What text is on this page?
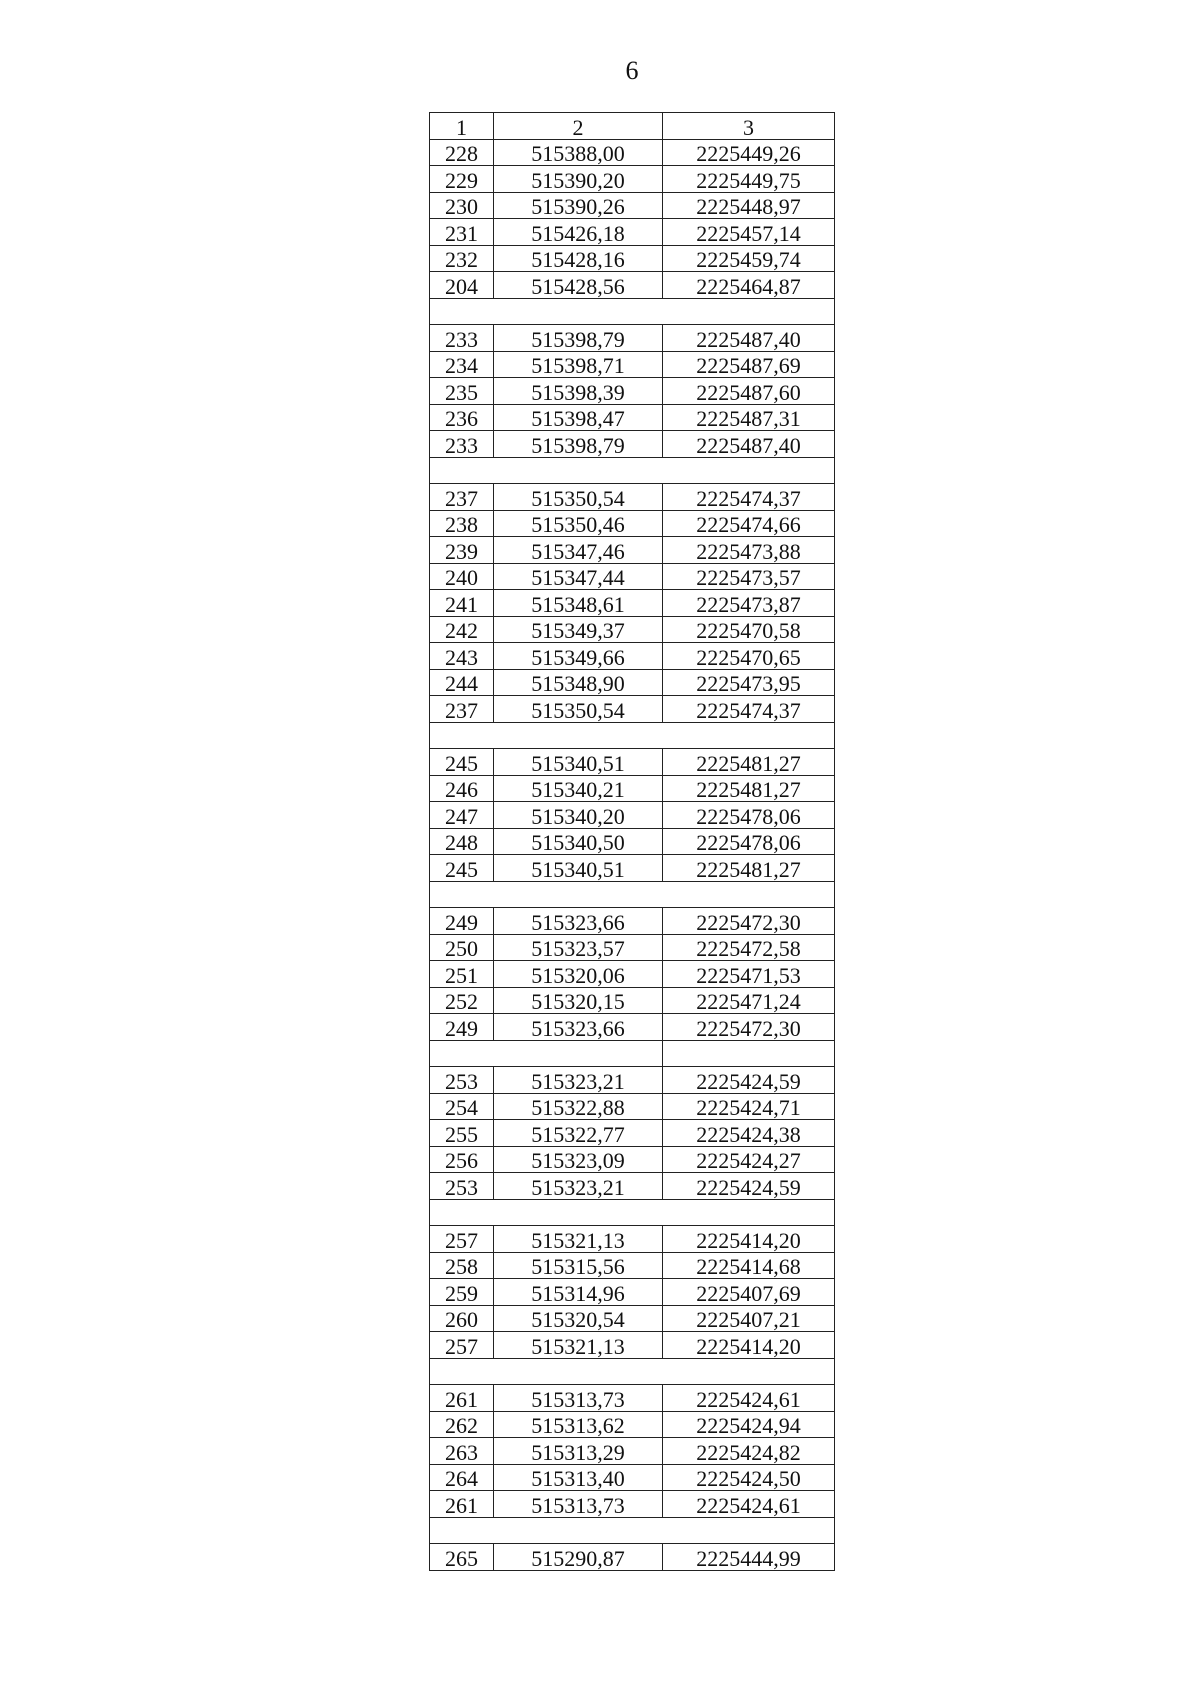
6
1	2	3
228	515388,00	2225449,26
229	515390,20	2225449,75
230	515390,26	2225448,97
231	515426,18	2225457,14
232	515428,16	2225459,74
204	515428,56	2225464,87

233	515398,79	2225487,40
234	515398,71	2225487,69
235	515398,39	2225487,60
236	515398,47	2225487,31
233	515398,79	2225487,40

237	515350,54	2225474,37
238	515350,46	2225474,66
239	515347,46	2225473,88
240	515347,44	2225473,57
241	515348,61	2225473,87
242	515349,37	2225470,58
243	515349,66	2225470,65
244	515348,90	2225473,95
237	515350,54	2225474,37

245	515340,51	2225481,27
246	515340,21	2225481,27
247	515340,20	2225478,06
248	515340,50	2225478,06
245	515340,51	2225481,27

249	515323,66	2225472,30
250	515323,57	2225472,58
251	515320,06	2225471,53
252	515320,15	2225471,24
249	515323,66	2225472,30

253	515323,21	2225424,59
254	515322,88	2225424,71
255	515322,77	2225424,38
256	515323,09	2225424,27
253	515323,21	2225424,59

257	515321,13	2225414,20
258	515315,56	2225414,68
259	515314,96	2225407,69
260	515320,54	2225407,21
257	515321,13	2225414,20

261	515313,73	2225424,61
262	515313,62	2225424,94
263	515313,29	2225424,82
264	515313,40	2225424,50
261	515313,73	2225424,61

265	515290,87	2225444,99
